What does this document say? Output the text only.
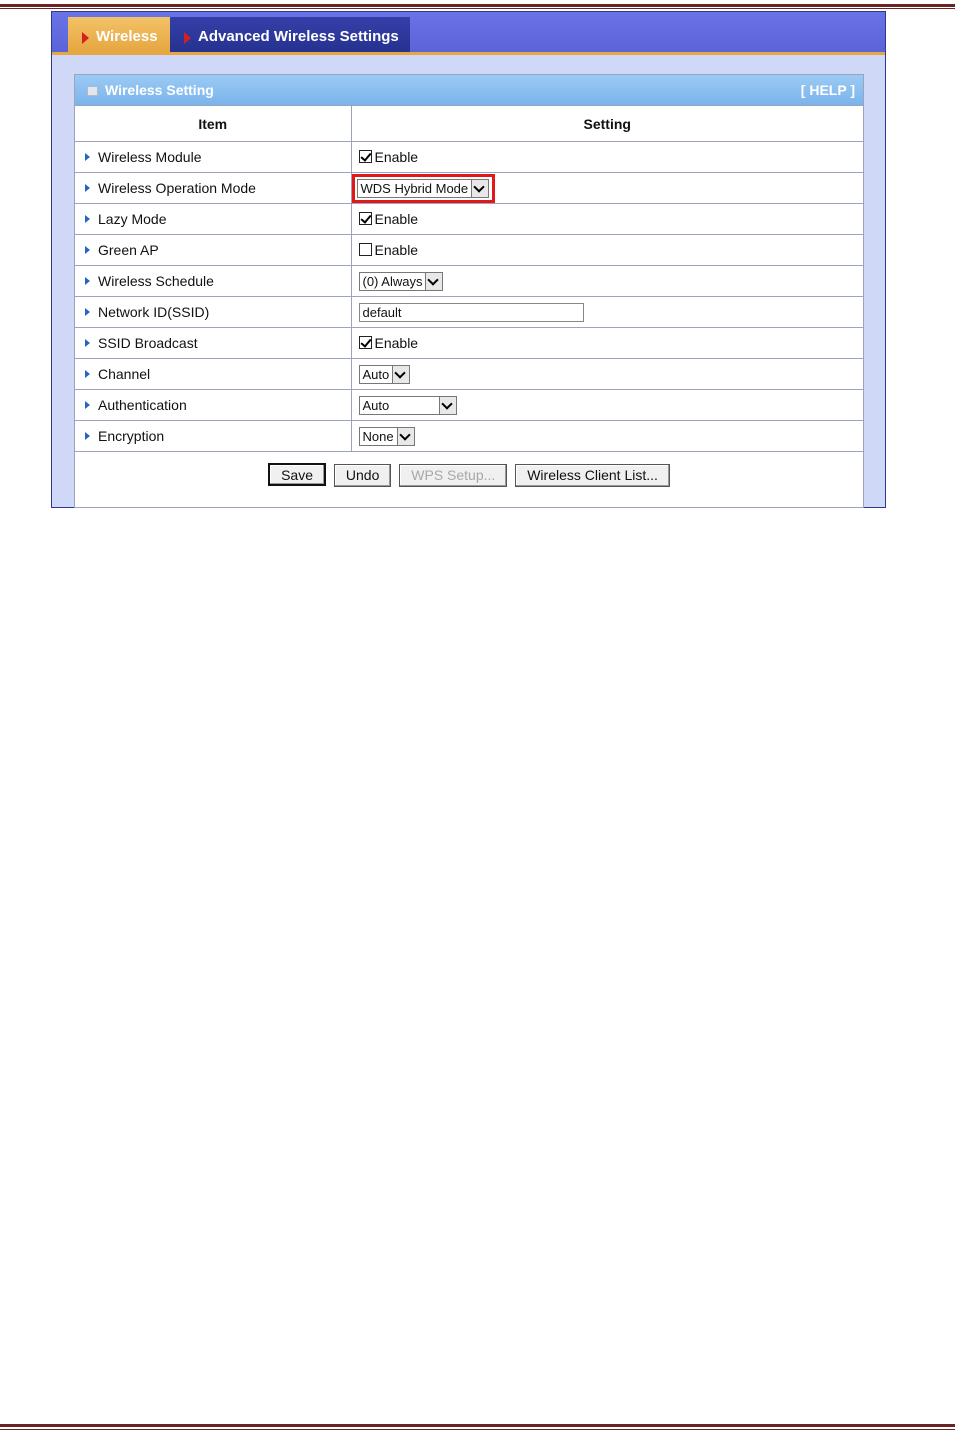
Wireless	Advanced Wireless Settings
Wireless Setting	[ HELP ]
Item	Setting
Wireless Module	Enable
Wireless Operation Mode	WDS Hybrid Mode

Lazy Mode	Enable
Green AP	Enable
Wireless Schedule	(0) Always

Network ID(SSID)	default
SSID Broadcast	Enable
Channel	Auto

Authentication	Auto

Encryption	None

Save Undo WPS Setup... Wireless Client List...	
